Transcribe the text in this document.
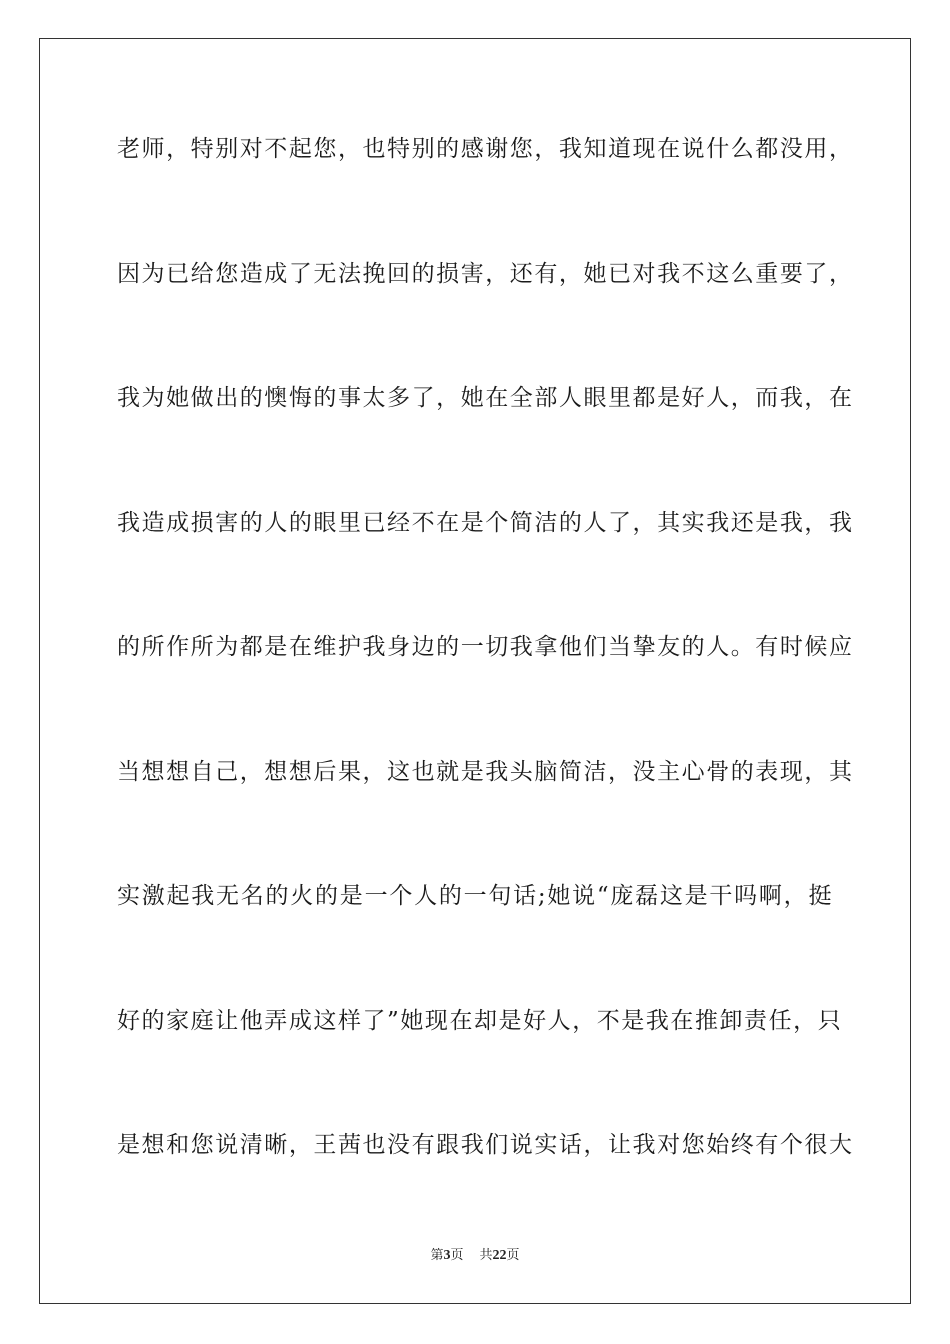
老师，特别对不起您，也特别的感谢您，我知道现在说什么都没用，
因为已给您造成了无法挽回的损害，还有，她已对我不这么重要了，
我为她做出的懊悔的事太多了，她在全部人眼里都是好人，而我，在
我造成损害的人的眼里已经不在是个简洁的人了，其实我还是我，我
的所作所为都是在维护我身边的一切我拿他们当挚友的人。有时候应
当想想自己，想想后果，这也就是我头脑简洁，没主心骨的表现，其
实激起我无名的火的是一个人的一句话;她说“庞磊这是干吗啊，挺
好的家庭让他弄成这样了”她现在却是好人，不是我在推卸责任，只
是想和您说清晰，王茜也没有跟我们说实话，让我对您始终有个很大
第3页 共22页
